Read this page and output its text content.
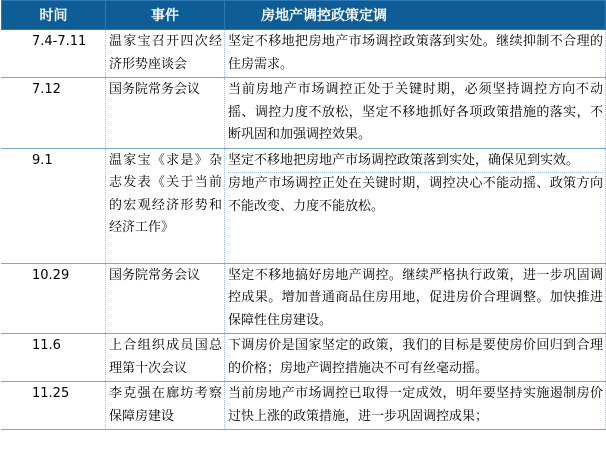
时间	事件	房地产调控政策定调
7.4-7.11	温家宝召开四次经济形势座谈会	坚定不移地把房地产市场调控政策落到实处。继续抑制不合理的住房需求。
7.12	国务院常务会议	当前房地产市场调控正处于关键时期，必须坚持调控方向不动摇、调控力度不放松，坚定不移地抓好各项政策措施的落实，不断巩固和加强调控效果。
9.1	温家宝《求是》杂志发表《关于当前的宏观经济形势和经济工作》	坚定不移地把房地产市场调控政策落到实处，确保见到实效。
房地产市场调控正处在关键时期，调控决心不能动摇、政策方向不能改变、力度不能放松。

10.29	国务院常务会议	坚定不移地搞好房地产调控。继续严格执行政策，进一步巩固调控成果。增加普通商品住房用地，促进房价合理调整。加快推进保障性住房建设。
11.6	上合组织成员国总理第十次会议	下调房价是国家坚定的政策，我们的目标是要使房价回归到合理的价格；房地产调控措施决不可有丝毫动摇。
11.25	李克强在廊坊考察保障房建设	当前房地产市场调控已取得一定成效，明年要坚持实施遏制房价过快上涨的政策措施，进一步巩固调控成果；
